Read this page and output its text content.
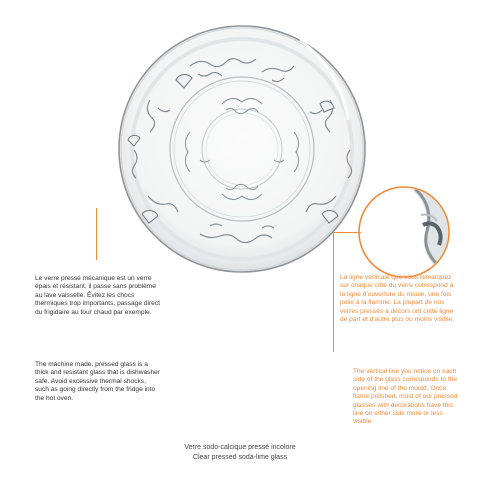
Le verre pressé mécanique est un verre épais et résistant, il passe sans problème au lave vaisselle. Évitez les chocs thermiques trop importants, passage direct du frigidaire au four chaud par exemple.

The machine made, pressed glass is a thick and resistant glass that is dishwasher safe. Avoid excessive thermal shocks, such as going directly from the fridge into the hot oven.

La ligne verticale que vous remarquez sur chaque côté du verre correspond à la ligne d'ouverture du moule. une fois polie à la flamme. La plupart de nos verres pressés à décors ont cette ligne de part et d'autre plus ou moins visible.

The vertical line you notice on each side of the glass corresponds to the opening line of the mould. Once flame polished, most of our pressed glasses with decorations have this line on either side more or less visible

Verre sodo-calcique pressé incolore
Clear pressed soda-lime glass
